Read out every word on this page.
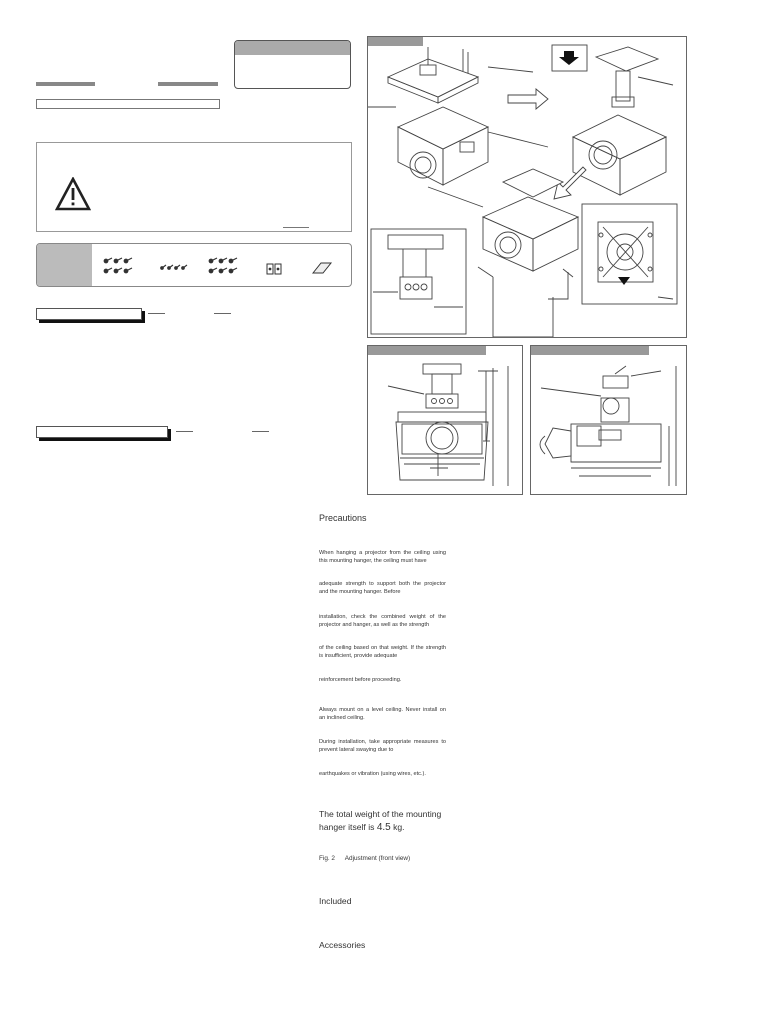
Precautions
When hanging a projector from the ceiling using this mounting hanger, the ceiling must have
adequate strength to support both the projector and the mounting hanger. Before
installation, check the combined weight of the projector and hanger, as well as the strength
of the ceiling based on that weight. If the strength is insufficient, provide adequate
reinforcement before proceeding.
Always mount on a level ceiling. Never install on an inclined ceiling.
During installation, take appropriate measures to prevent lateral swaying due to
earthquakes or vibration (using wires, etc.).
The total weight of the mounting
hanger itself is 4.5 kg.
Fig. 2 Adjustment (front view)
Included
Accessories
